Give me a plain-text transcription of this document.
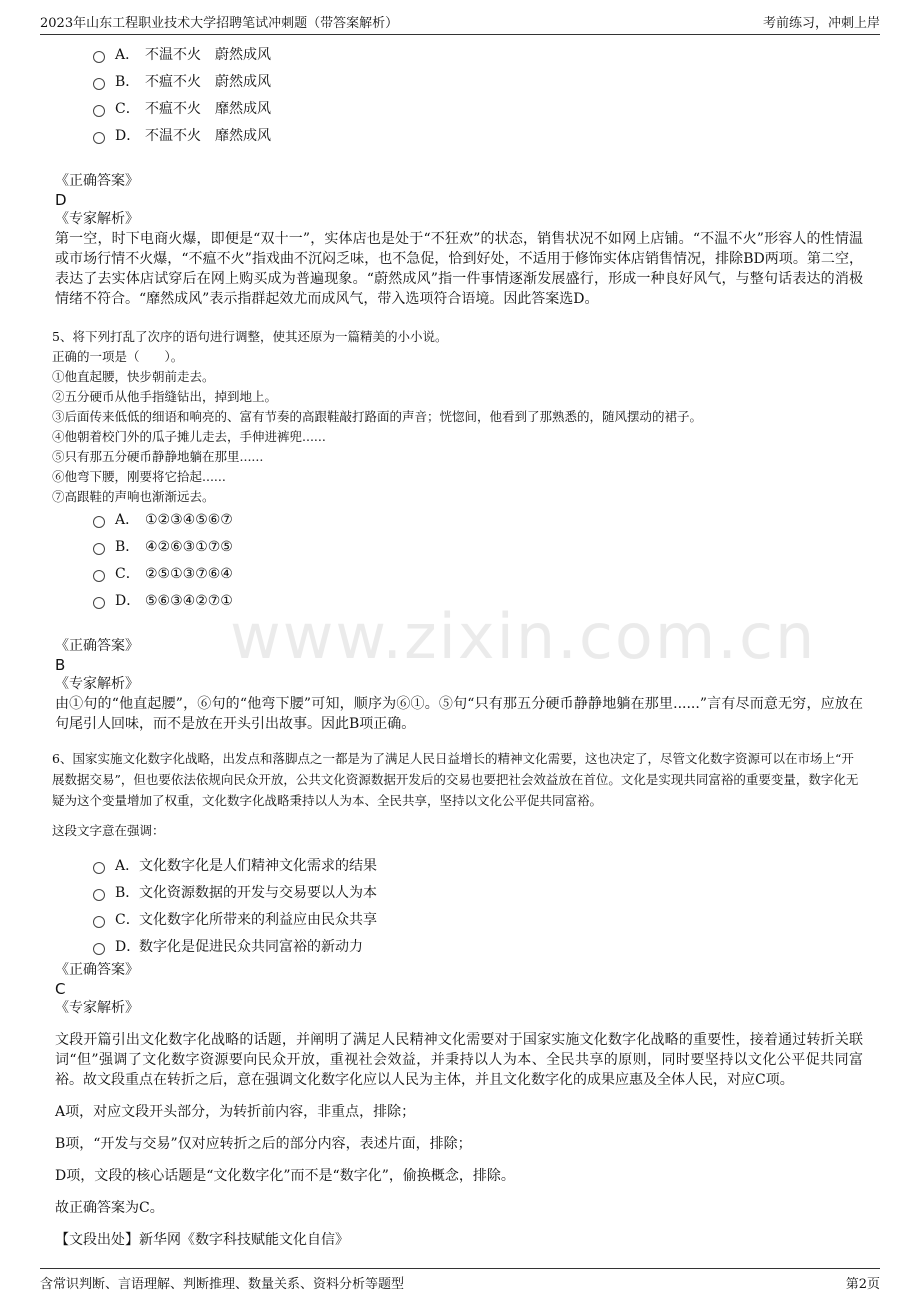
2023年山东工程职业技术大学招聘笔试冲刺题（带答案解析）	考前练习，冲刺上岸
www.zixin.com.cn
A． 不温不火　蔚然成风
B． 不瘟不火　蔚然成风
C． 不瘟不火　靡然成风
D． 不温不火　靡然成风
《正确答案》
D
《专家解析》

第一空，时下电商火爆，即便是“双十一”，实体店也是处于“不狂欢”的状态，销售状况不如网上店铺。“不温不火”形容人的性情温或市场行情不火爆，“不瘟不火”指戏曲不沉闷乏味，也不急促，恰到好处，不适用于修饰实体店销售情况，排除BD两项。第二空，表达了去实体店试穿后在网上购买成为普遍现象。“蔚然成风”指一件事情逐渐发展盛行，形成一种良好风气，与整句话表达的消极情绪不符合。“靡然成风”表示指群起效尤而成风气，带入选项符合语境。因此答案选D。

5、将下列打乱了次序的语句进行调整，使其还原为一篇精美的小小说。

正确的一项是（　　）。

①他直起腰，快步朝前走去。

②五分硬币从他手指缝钻出，掉到地上。

③后面传来低低的细语和响亮的、富有节奏的高跟鞋敲打路面的声音；恍惚间，他看到了那熟悉的，随风摆动的裙子。

④他朝着校门外的瓜子摊儿走去，手伸进裤兜......

⑤只有那五分硬币静静地躺在那里......

⑥他弯下腰，刚要将它拾起......

⑦高跟鞋的声响也渐渐远去。

A． ①②③④⑤⑥⑦
B． ④②⑥③①⑦⑤
C． ②⑤①③⑦⑥④
D． ⑤⑥③④②⑦①
《正确答案》
B
《专家解析》

由①句的“他直起腰”，⑥句的“他弯下腰”可知，顺序为⑥①。⑤句“只有那五分硬币静静地躺在那里......”言有尽而意无穷，应放在句尾引人回味，而不是放在开头引出故事。因此B项正确。

6、国家实施文化数字化战略，出发点和落脚点之一都是为了满足人民日益增长的精神文化需要，这也决定了，尽管文化数字资源可以在市场上“开展数据交易”，但也要依法依规向民众开放，公共文化资源数据开发后的交易也要把社会效益放在首位。文化是实现共同富裕的重要变量，数字化无疑为这个变量增加了权重，文化数字化战略秉持以人为本、全民共享，坚持以文化公平促共同富裕。

这段文字意在强调：

A．文化数字化是人们精神文化需求的结果
B．文化资源数据的开发与交易要以人为本
C．文化数字化所带来的利益应由民众共享
D．数字化是促进民众共同富裕的新动力
《正确答案》
C
《专家解析》

文段开篇引出文化数字化战略的话题，并阐明了满足人民精神文化需要对于国家实施文化数字化战略的重要性，接着通过转折关联词“但”强调了文化数字资源要向民众开放，重视社会效益，并秉持以人为本、全民共享的原则，同时要坚持以文化公平促共同富裕。故文段重点在转折之后，意在强调文化数字化应以人民为主体，并且文化数字化的成果应惠及全体人民，对应C项。

A项，对应文段开头部分，为转折前内容，非重点，排除；

B项，“开发与交易”仅对应转折之后的部分内容，表述片面，排除；

D项，文段的核心话题是“文化数字化”而不是“数字化”，偷换概念，排除。

故正确答案为C。

【文段出处】新华网《数字科技赋能文化自信》

含常识判断、言语理解、判断推理、数量关系、资料分析等题型	第2页
